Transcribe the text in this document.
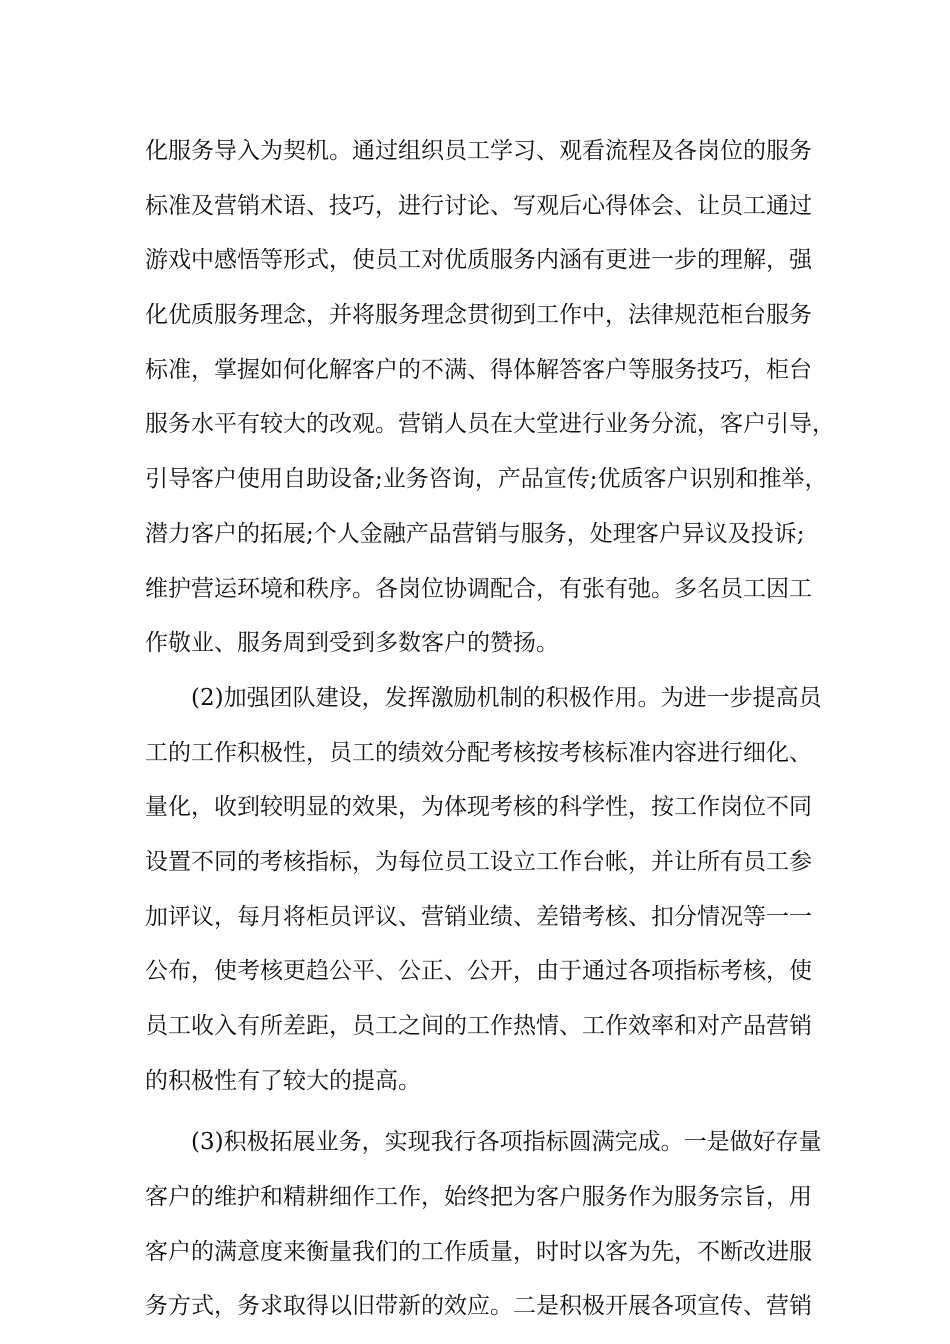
化服务导入为契机。通过组织员工学习、观看流程及各岗位的服务
标准及营销术语、技巧，进行讨论、写观后心得体会、让员工通过
游戏中感悟等形式，使员工对优质服务内涵有更进一步的理解，强
化优质服务理念，并将服务理念贯彻到工作中，法律规范柜台服务
标准，掌握如何化解客户的不满、得体解答客户等服务技巧，柜台
服务水平有较大的改观。营销人员在大堂进行业务分流，客户引导，
引导客户使用自助设备;业务咨询，产品宣传;优质客户识别和推举，
潜力客户的拓展;个人金融产品营销与服务，处理客户异议及投诉;
维护营运环境和秩序。各岗位协调配合，有张有弛。多名员工因工
作敬业、服务周到受到多数客户的赞扬。
(2)加强团队建设，发挥激励机制的积极作用。为进一步提高员
工的工作积极性，员工的绩效分配考核按考核标准内容进行细化、
量化，收到较明显的效果，为体现考核的科学性，按工作岗位不同
设置不同的考核指标，为每位员工设立工作台帐，并让所有员工参
加评议，每月将柜员评议、营销业绩、差错考核、扣分情况等一一
公布，使考核更趋公平、公正、公开，由于通过各项指标考核，使
员工收入有所差距，员工之间的工作热情、工作效率和对产品营销
的积极性有了较大的提高。
(3)积极拓展业务，实现我行各项指标圆满完成。一是做好存量
客户的维护和精耕细作工作，始终把为客户服务作为服务宗旨，用
客户的满意度来衡量我们的工作质量，时时以客为先，不断改进服
务方式，务求取得以旧带新的效应。二是积极开展各项宣传、营销
